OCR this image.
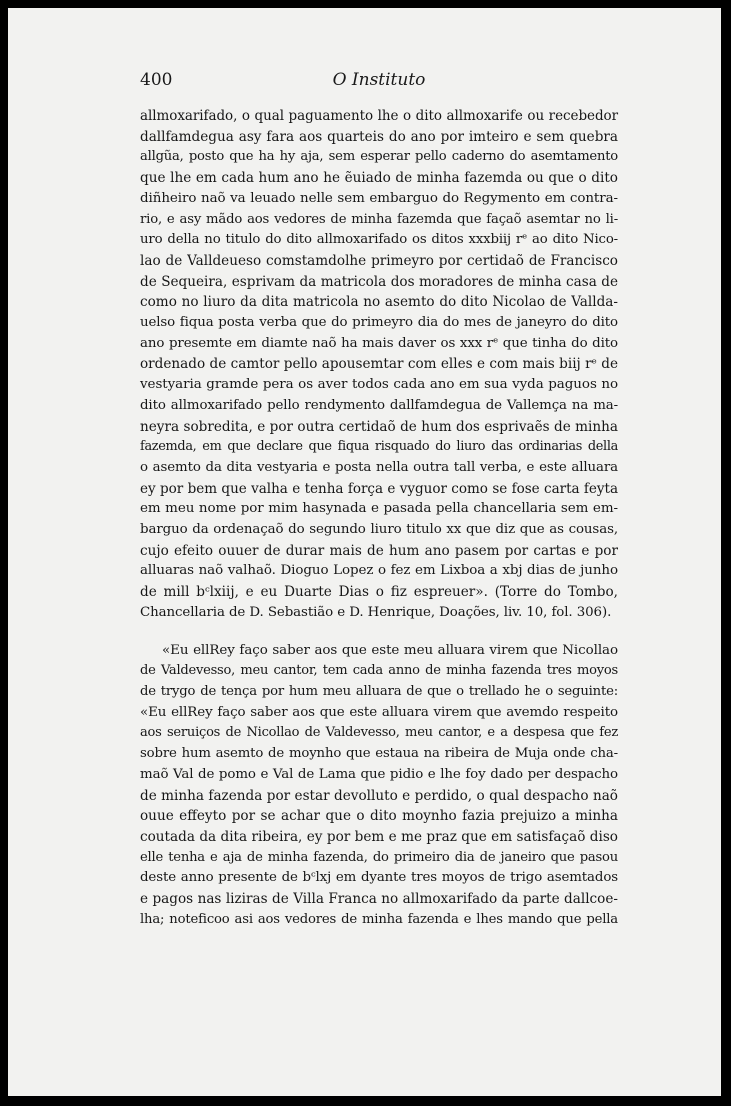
400	O Instituto
allmoxarifado, o qual paguamento lhe o dito allmoxarife ou recebedor
dallfamdegua asy fara aos quarteis do ano por imteiro e sem quebra
allgũa, posto que ha hy aja, sem esperar pello caderno do asemtamento
que lhe em cada hum ano he ẽuiado de minha fazemda ou que o dito
diñheiro naõ va leuado nelle sem embarguo do Regymento em contra-
rio, e asy mãdo aos vedores de minha fazemda que façaõ asemtar no li-
uro della no titulo do dito allmoxarifado os ditos xxxbiij rᵉ ao dito Nico-
lao de Valldeueso comstamdolhe primeyro por certidaõ de Francisco
de Sequeira, esprivam da matricola dos moradores de minha casa de
como no liuro da dita matricola no asemto do dito Nicolao de Vallda-
uelso fiqua posta verba que do primeyro dia do mes de janeyro do dito
ano presemte em diamte naõ ha mais daver os xxx rᵉ que tinha do dito
ordenado de camtor pello apousemtar com elles e com mais biij rᵉ de
vestyaria gramde pera os aver todos cada ano em sua vyda paguos no
dito allmoxarifado pello rendymento dallfamdegua de Vallemça na ma-
neyra sobredita, e por outra certidaõ de hum dos esprivaẽs de minha
fazemda, em que declare que fiqua risquado do liuro das ordinarias della
o asemto da dita vestyaria e posta nella outra tall verba, e este alluara
ey por bem que valha e tenha força e vyguor como se fose carta feyta
em meu nome por mim hasynada e pasada pella chancellaria sem em-
barguo da ordenaçaõ do segundo liuro titulo xx que diz que as cousas,
cujo efeito ouuer de durar mais de hum ano pasem por cartas e por
alluaras naõ valhaõ. Dioguo Lopez o fez em Lixboa a xbj dias de junho
de mill bᶜlxiij, e eu Duarte Dias o fiz espreuer». (Torre do Tombo,
Chancellaria de D. Sebastião e D. Henrique, Doações, liv. 10, fol. 306).
«Eu ellRey faço saber aos que este meu alluara virem que Nicollao
de Valdevesso, meu cantor, tem cada anno de minha fazenda tres moyos
de trygo de tença por hum meu alluara de que o trellado he o seguinte:
«Eu ellRey faço saber aos que este alluara virem que avemdo respeito
aos seruiços de Nicollao de Valdevesso, meu cantor, e a despesa que fez
sobre hum asemto de moynho que estaua na ribeira de Muja onde cha-
maõ Val de pomo e Val de Lama que pidio e lhe foy dado per despacho
de minha fazenda por estar devolluto e perdido, o qual despacho naõ
ouue effeyto por se achar que o dito moynho fazia prejuizo a minha
coutada da dita ribeira, ey por bem e me praz que em satisfaçaõ diso
elle tenha e aja de minha fazenda, do primeiro dia de janeiro que pasou
deste anno presente de bᶜlxj em dyante tres moyos de trigo asemtados
e pagos nas liziras de Villa Franca no allmoxarifado da parte dallcoe-
lha; noteficoo asi aos vedores de minha fazenda e lhes mando que pella
